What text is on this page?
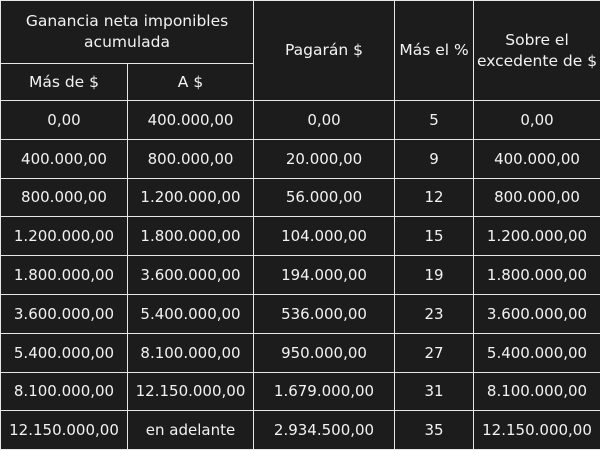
Ganancia neta imponibles acumulada		Pagarán $	Más el %	Sobre el excedente de $
Más de $	A $			
0,00	400.000,00	0,00	5	0,00
400.000,00	800.000,00	20.000,00	9	400.000,00
800.000,00	1.200.000,00	56.000,00	12	800.000,00
1.200.000,00	1.800.000,00	104.000,00	15	1.200.000,00
1.800.000,00	3.600.000,00	194.000,00	19	1.800.000,00
3.600.000,00	5.400.000,00	536.000,00	23	3.600.000,00
5.400.000,00	8.100.000,00	950.000,00	27	5.400.000,00
8.100.000,00	12.150.000,00	1.679.000,00	31	8.100.000,00
12.150.000,00	en adelante	2.934.500,00	35	12.150.000,00
